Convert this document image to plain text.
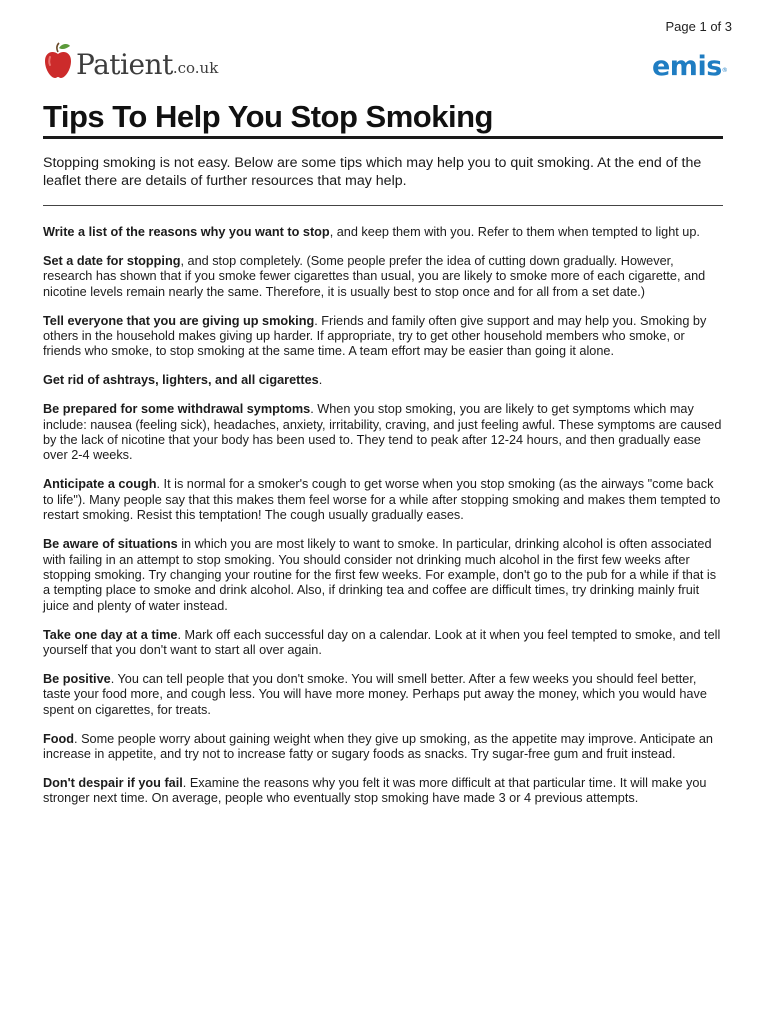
Page 1 of 3
Patient .co.uk	emis®
Tips To Help You Stop Smoking

Stopping smoking is not easy. Below are some tips which may help you to quit smoking. At the end of the leaflet there are details of further resources that may help.

Write a list of the reasons why you want to stop, and keep them with you. Refer to them when tempted to light up.

Set a date for stopping, and stop completely. (Some people prefer the idea of cutting down gradually. However, research has shown that if you smoke fewer cigarettes than usual, you are likely to smoke more of each cigarette, and nicotine levels remain nearly the same. Therefore, it is usually best to stop once and for all from a set date.)

Tell everyone that you are giving up smoking. Friends and family often give support and may help you. Smoking by others in the household makes giving up harder. If appropriate, try to get other household members who smoke, or friends who smoke, to stop smoking at the same time. A team effort may be easier than going it alone.

Get rid of ashtrays, lighters, and all cigarettes.

Be prepared for some withdrawal symptoms. When you stop smoking, you are likely to get symptoms which may include: nausea (feeling sick), headaches, anxiety, irritability, craving, and just feeling awful. These symptoms are caused by the lack of nicotine that your body has been used to. They tend to peak after 12-24 hours, and then gradually ease over 2-4 weeks.

Anticipate a cough. It is normal for a smoker's cough to get worse when you stop smoking (as the airways "come back to life"). Many people say that this makes them feel worse for a while after stopping smoking and makes them tempted to restart smoking. Resist this temptation! The cough usually gradually eases.

Be aware of situations in which you are most likely to want to smoke. In particular, drinking alcohol is often associated with failing in an attempt to stop smoking. You should consider not drinking much alcohol in the first few weeks after stopping smoking. Try changing your routine for the first few weeks. For example, don't go to the pub for a while if that is a tempting place to smoke and drink alcohol. Also, if drinking tea and coffee are difficult times, try drinking mainly fruit juice and plenty of water instead.

Take one day at a time. Mark off each successful day on a calendar. Look at it when you feel tempted to smoke, and tell yourself that you don't want to start all over again.

Be positive. You can tell people that you don't smoke. You will smell better. After a few weeks you should feel better, taste your food more, and cough less. You will have more money. Perhaps put away the money, which you would have spent on cigarettes, for treats.

Food. Some people worry about gaining weight when they give up smoking, as the appetite may improve. Anticipate an increase in appetite, and try not to increase fatty or sugary foods as snacks. Try sugar-free gum and fruit instead.

Don't despair if you fail. Examine the reasons why you felt it was more difficult at that particular time. It will make you stronger next time. On average, people who eventually stop smoking have made 3 or 4 previous attempts.
